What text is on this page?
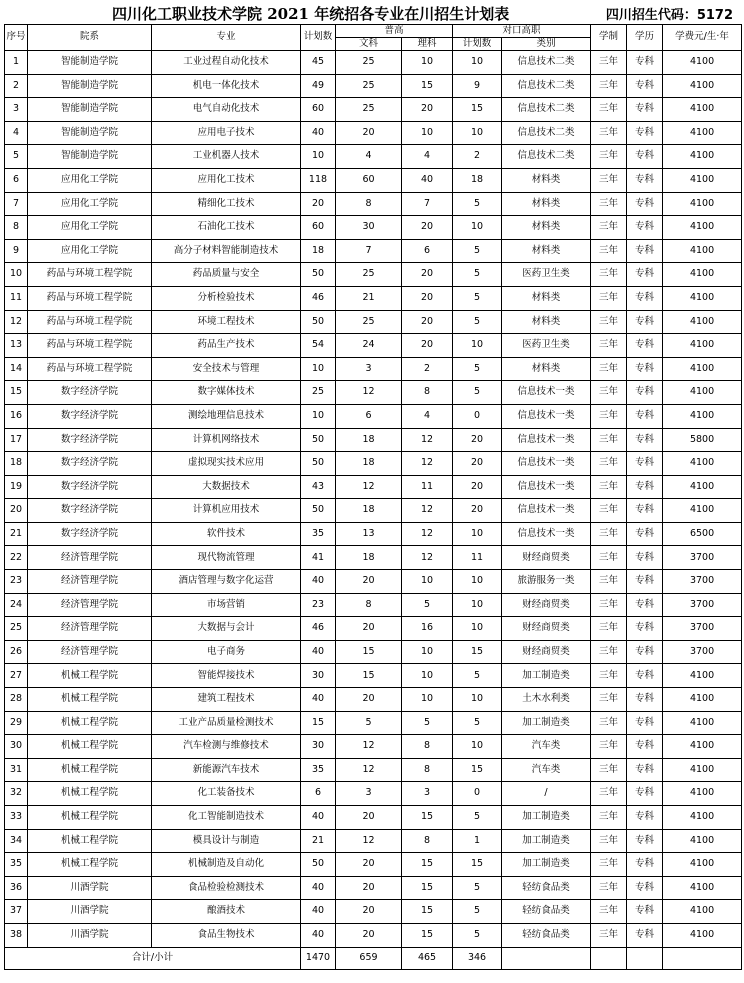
四川化工职业技术学院 2021 年统招各专业在川招生计划表	四川招生代码：5172
序号	院系	专业	计划数	普高		对口高职		学制	学历	学费元/生·年
				文科	理科	计划数	类别			
1	智能制造学院	工业过程自动化技术	45	25	10	10	信息技术二类	三年	专科	4100
2	智能制造学院	机电一体化技术	49	25	15	9	信息技术二类	三年	专科	4100
3	智能制造学院	电气自动化技术	60	25	20	15	信息技术二类	三年	专科	4100
4	智能制造学院	应用电子技术	40	20	10	10	信息技术二类	三年	专科	4100
5	智能制造学院	工业机器人技术	10	4	4	2	信息技术二类	三年	专科	4100
6	应用化工学院	应用化工技术	118	60	40	18	材料类	三年	专科	4100
7	应用化工学院	精细化工技术	20	8	7	5	材料类	三年	专科	4100
8	应用化工学院	石油化工技术	60	30	20	10	材料类	三年	专科	4100
9	应用化工学院	高分子材料智能制造技术	18	7	6	5	材料类	三年	专科	4100
10	药品与环境工程学院	药品质量与安全	50	25	20	5	医药卫生类	三年	专科	4100
11	药品与环境工程学院	分析检验技术	46	21	20	5	材料类	三年	专科	4100
12	药品与环境工程学院	环境工程技术	50	25	20	5	材料类	三年	专科	4100
13	药品与环境工程学院	药品生产技术	54	24	20	10	医药卫生类	三年	专科	4100
14	药品与环境工程学院	安全技术与管理	10	3	2	5	材料类	三年	专科	4100
15	数字经济学院	数字媒体技术	25	12	8	5	信息技术一类	三年	专科	4100
16	数字经济学院	测绘地理信息技术	10	6	4	0	信息技术一类	三年	专科	4100
17	数字经济学院	计算机网络技术	50	18	12	20	信息技术一类	三年	专科	5800
18	数字经济学院	虚拟现实技术应用	50	18	12	20	信息技术一类	三年	专科	4100
19	数字经济学院	大数据技术	43	12	11	20	信息技术一类	三年	专科	4100
20	数字经济学院	计算机应用技术	50	18	12	20	信息技术一类	三年	专科	4100
21	数字经济学院	软件技术	35	13	12	10	信息技术一类	三年	专科	6500
22	经济管理学院	现代物流管理	41	18	12	11	财经商贸类	三年	专科	3700
23	经济管理学院	酒店管理与数字化运营	40	20	10	10	旅游服务一类	三年	专科	3700
24	经济管理学院	市场营销	23	8	5	10	财经商贸类	三年	专科	3700
25	经济管理学院	大数据与会计	46	20	16	10	财经商贸类	三年	专科	3700
26	经济管理学院	电子商务	40	15	10	15	财经商贸类	三年	专科	3700
27	机械工程学院	智能焊接技术	30	15	10	5	加工制造类	三年	专科	4100
28	机械工程学院	建筑工程技术	40	20	10	10	土木水利类	三年	专科	4100
29	机械工程学院	工业产品质量检测技术	15	5	5	5	加工制造类	三年	专科	4100
30	机械工程学院	汽车检测与维修技术	30	12	8	10	汽车类	三年	专科	4100
31	机械工程学院	新能源汽车技术	35	12	8	15	汽车类	三年	专科	4100
32	机械工程学院	化工装备技术	6	3	3	0	/	三年	专科	4100
33	机械工程学院	化工智能制造技术	40	20	15	5	加工制造类	三年	专科	4100
34	机械工程学院	模具设计与制造	21	12	8	1	加工制造类	三年	专科	4100
35	机械工程学院	机械制造及自动化	50	20	15	15	加工制造类	三年	专科	4100
36	川酒学院	食品检验检测技术	40	20	15	5	轻纺食品类	三年	专科	4100
37	川酒学院	酿酒技术	40	20	15	5	轻纺食品类	三年	专科	4100
38	川酒学院	食品生物技术	40	20	15	5	轻纺食品类	三年	专科	4100
合计/小计			1470	659	465	346				
